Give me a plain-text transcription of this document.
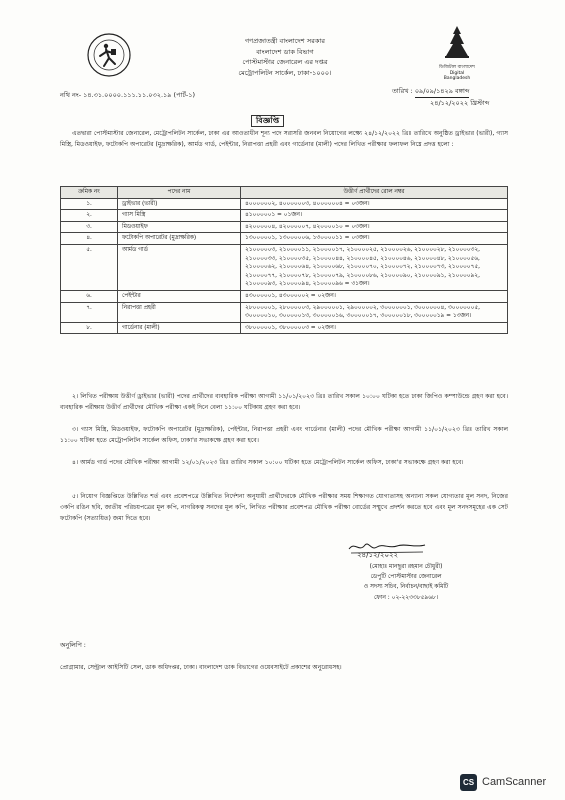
গণপ্রজাতন্ত্রী বাংলাদেশ সরকার
বাংলাদেশ ডাক বিভাগ
পোস্টমাস্টার জেনারেল এর দপ্তর
মেট্রোপলিটন সার্কেল, ঢাকা-১০০০।
ডিজিটাল বাংলাদেশ
Digital Bangladesh
নথি নং- ১৪.৩১.০০০০.১১১.১১.০৩২.১৯ (পার্ট-১)	তারিখ : ০৯/০৯/১৪২৯ বঙ্গাব্দ
২৪/১২/২০২২ খ্রিস্টাব্দ
বিজ্ঞপ্তি
এতদ্বারা পোস্টমাস্টার জেনারেল, মেট্রোপলিটন সার্কেল, ঢাকা এর আওতাধীন শূন্য পদে সরাসরি জনবল নিয়োগের লক্ষ্যে ২৪/১২/২০২২ খ্রিঃ তারিখে অনুষ্ঠিত ড্রাইভার (ভারী), গ্যাস মিস্ত্রি, মিডওয়াইফ, ফটোকপি অপারেটর (মুদ্রাক্ষরিক), আর্মড গার্ড, পেইন্টার, নিরাপত্তা প্রহরী এবং গার্ডেনার (মালী) পদের লিখিত পরীক্ষার ফলাফল নিম্নে প্রদত্ত হলো :
ক্রমিক নং	পদের নাম	উত্তীর্ণ প্রার্থীদের রোল নম্বর
১.	ড্রাইভার (ভারী)	৪০০০০০০২, ৪০০০০০০৩, ৪০০০০০০৪ = ০৩জন।
২.	গ্যাস মিস্ত্রি	৪১০০০০০১ = ০১জন।
৩.	মিডওয়াইফ	৪২০০০০০৪, ৪২০০০০০৭, ৪২০০০০১০ = ০৩জন।
৪.	ফটোকপি অপারেটর (মুদ্রাক্ষরিক)	১৩০০০০০১, ১৩০০০০০৬, ১৩০০০০১১ = ০৩জন।
৫.	আর্মড গার্ড	২১০০০০০৩, ২১০০০০১১, ২১০০০০১৭, ২১০০০০২৫, ২১০০০০২৬, ২১০০০০২৮, ২১০০০০৩২, ২১০০০০৩৩, ২১০০০০৩৫, ২১০০০০৪৪, ২১০০০০৪৫, ২১০০০০৪৬, ২১০০০০৪৮, ২১০০০০৫৬, ২১০০০০৬২, ২১০০০০৬৪, ২১০০০০৬৮, ২১০০০০৭০, ২১০০০০৭২, ২১০০০০৭৩, ২১০০০০৭৫, ২১০০০০৭৭, ২১০০০০৭৮, ২১০০০০৭৯, ২১০০০০৮৬, ২১০০০০৯০, ২১০০০০৯১, ২১০০০০৯২, ২১০০০০৯৩, ২১০০০০৯৪, ২১০০০০৯৬ = ৩১জন।
৬.	পেইন্টার	৪৩০০০০০১, ৪৩০০০০০২ = ০২জন।
৭.	নিরাপত্তা প্রহরী	২৮০০০০০১, ২৮০০০০০৩, ২৯০০০০০১, ২৯০০০০০২, ৩০০০০০০১, ৩০০০০০০৪, ৩০০০০০০৫, ৩০০০০০১০, ৩০০০০০১৩, ৩০০০০০১৬, ৩০০০০০১৭, ৩০০০০০১৮, ৩০০০০০১৯ = ১৩জন।
৮.	গার্ডেনার (মালী)	৩৮০০০০০১, ৩৮০০০০০৩ = ০২জন।
২। লিখিত পরীক্ষায় উত্তীর্ণ ড্রাইভার (ভারী) পদের প্রার্থীদের ব্যবহারিক পরীক্ষা আগামী ১১/০১/২০২৩ খ্রিঃ তারিখ সকাল ১০:০০ ঘটিকা হতে ঢাকা জিপিও কম্পাউন্ডে গ্রহণ করা হবে। ব্যবহারিক পরীক্ষায় উত্তীর্ণ প্রার্থীদের মৌখিক পরীক্ষা একই দিনে বেলা ১১:০০ ঘটিকায় গ্রহণ করা হবে।
৩। গ্যাস মিস্ত্রি, মিডওয়াইফ, ফটোকপি অপারেটর (মুদ্রাক্ষরিক), পেইন্টার, নিরাপত্তা প্রহরী এবং গার্ডেনার (মালী) পদের মৌখিক পরীক্ষা আগামী ১১/০১/২০২৩ খ্রিঃ তারিখ সকাল ১১:০০ ঘটিকা হতে মেট্রোপলিটন সার্কেল অফিস, ঢাকা'র সভাকক্ষে গ্রহণ করা হবে।
৪। আর্মড গার্ড পদের মৌখিক পরীক্ষা আগামী ১২/০১/২০২৩ খ্রিঃ তারিখ সকাল ১০:০০ ঘটিকা হতে মেট্রোপলিটন সার্কেল অফিস, ঢাকা'র সভাকক্ষে গ্রহণ করা হবে।
৫। নিয়োগ বিজ্ঞপ্তিতে উল্লিখিত শর্ত এবং প্রবেশপত্রে উল্লিখিত নির্দেশনা অনুযায়ী প্রার্থীদেরকে মৌখিক পরীক্ষার সময় শিক্ষাগত যোগ্যতাসহ অন্যান্য সকল যোগ্যতার মূল সনদ, নিজের ৩কপি রঙিন ছবি, জাতীয় পরিচয়পত্রের মূল কপি, নাগরিকত্ব সনদের মূল কপি, লিখিত পরীক্ষার প্রবেশপত্র মৌখিক পরীক্ষা বোর্ডের সম্মুখে প্রদর্শন করতে হবে এবং মূল সনদসমূহের এক সেট ফটোকপি (সত্যায়িত) জমা দিতে হবে।
২৪/১২/২০২২
(মোহাঃ মানছুরা রহমান চৌধুরী)
ডেপুটি পোস্টমাস্টার জেনারেল
ও সদস্য সচিব, নির্বাচন/বাছাই কমিটি
ফোন : ০২-২২৩৩৮৫৯৬৮।
অনুলিপি :
প্রোগ্রামার, সেন্ট্রাল আইসিটি সেল, ডাক অধিদপ্তর, ঢাকা। বাংলাদেশ ডাক বিভাগের ওয়েবসাইটে প্রকাশের অনুরোধসহ।
CS CamScanner
